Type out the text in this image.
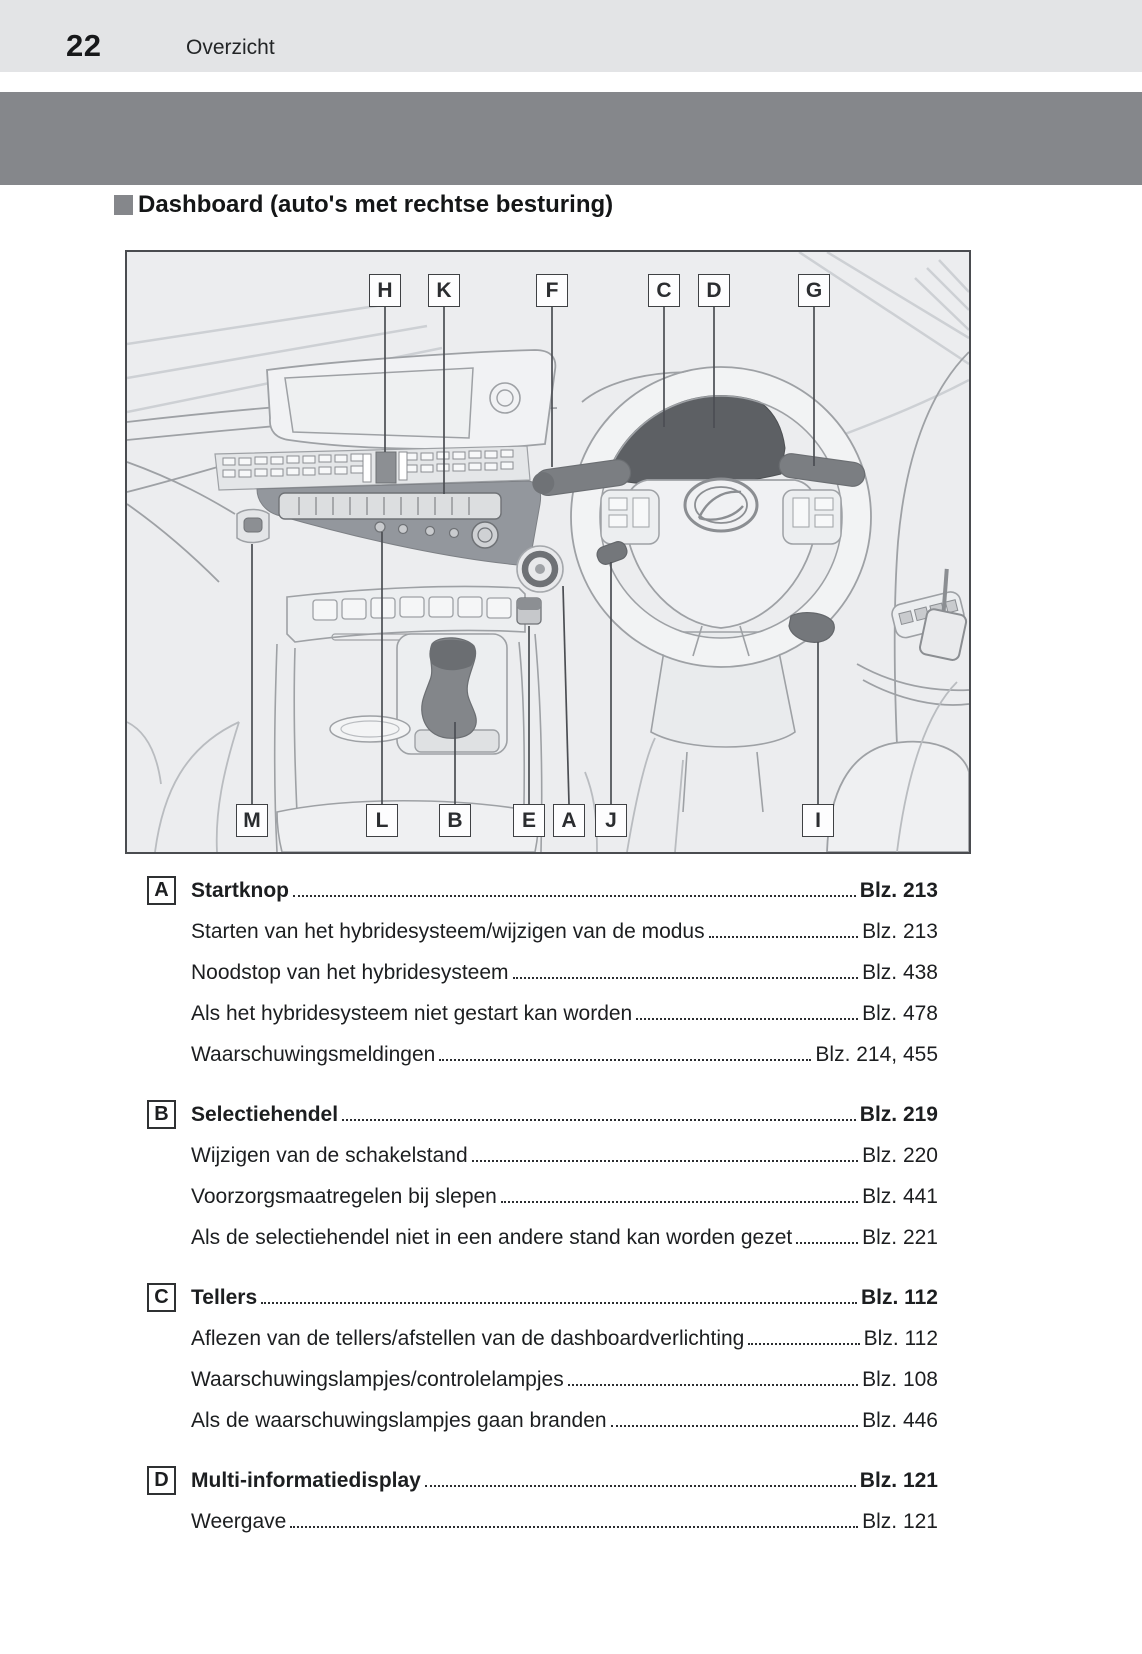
22	Overzicht
Dashboard (auto's met rechtse besturing)
H	K	F	C	D	G
M	L	B	E	A	J	I
A	Startknop	Blz. 213
Starten van het hybridesysteem/wijzigen van de modus	Blz. 213
Noodstop van het hybridesysteem	Blz. 438
Als het hybridesysteem niet gestart kan worden	Blz. 478
Waarschuwingsmeldingen	Blz. 214, 455
B	Selectiehendel	Blz. 219
Wijzigen van de schakelstand	Blz. 220
Voorzorgsmaatregelen bij slepen	Blz. 441
Als de selectiehendel niet in een andere stand kan worden gezet	Blz. 221
C	Tellers	Blz. 112
Aflezen van de tellers/afstellen van de dashboardverlichting	Blz. 112
Waarschuwingslampjes/controlelampjes	Blz. 108
Als de waarschuwingslampjes gaan branden	Blz. 446
D	Multi-informatiedisplay	Blz. 121
Weergave	Blz. 121
